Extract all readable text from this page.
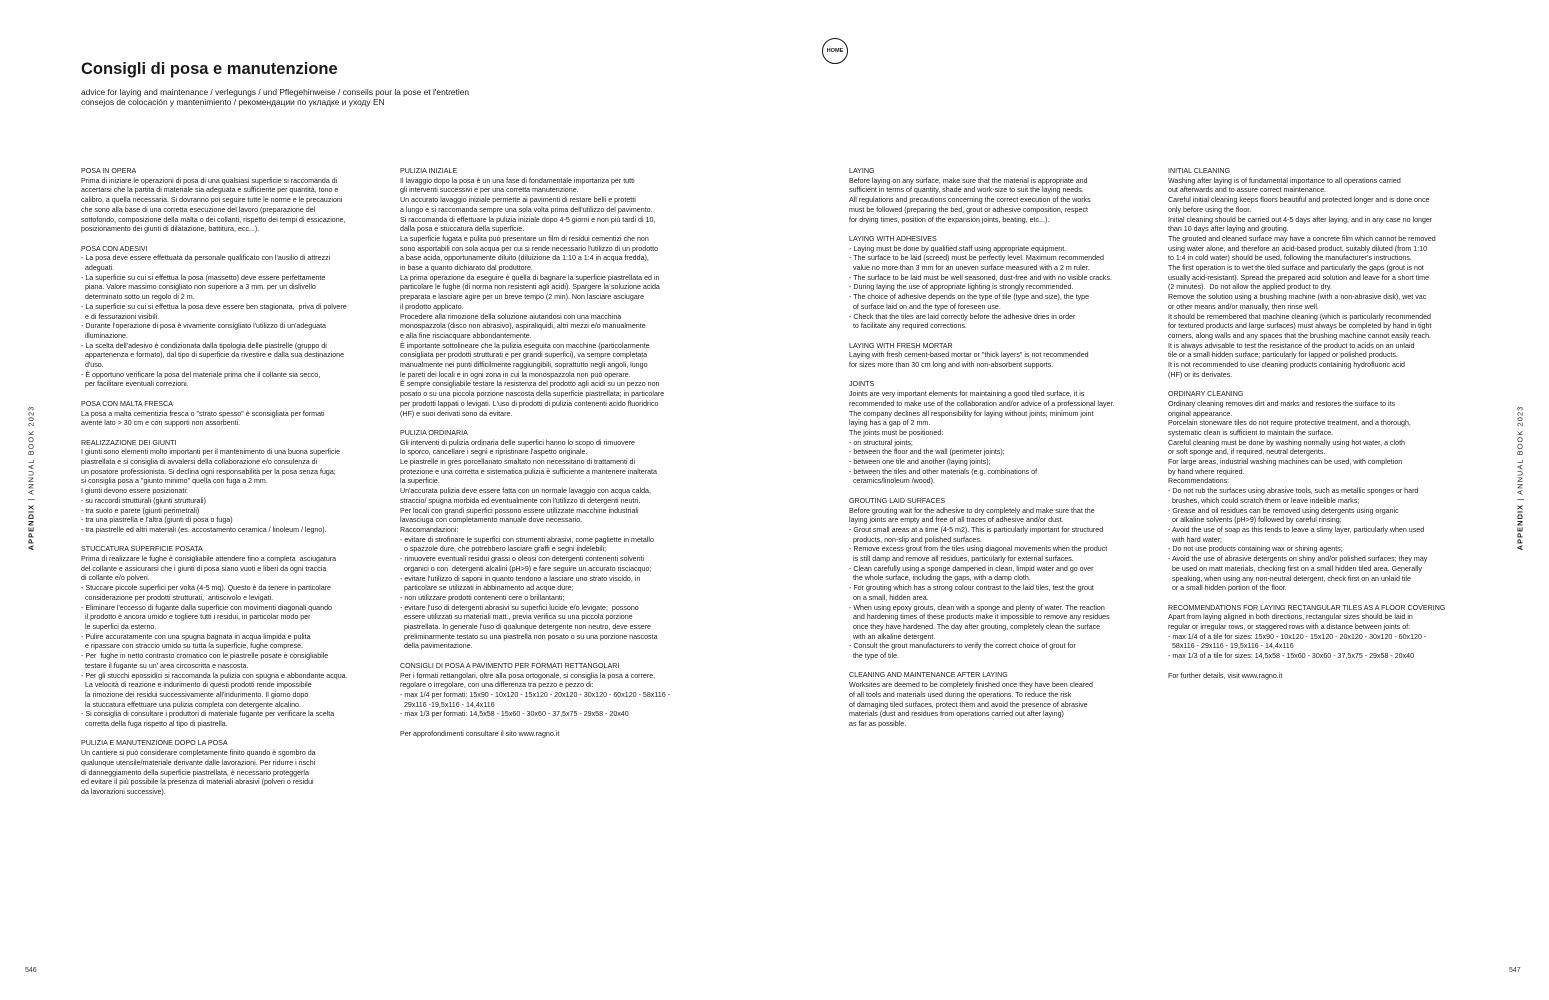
Consigli di posa e manutenzione
advice for laying and maintenance / verlegungs / und Pflegehinweise / conseils pour la pose et l'entretien
consejos de colocación y mantenimiento / рекомендации по укладке и уходу EN
HOME
POSA IN OPERA
Prima di iniziare le operazioni di posa di una qualsiasi superficie si raccomanda di
accertarsi che la partita di materiale sia adeguata e sufficiente per quantità, tono e
calibro, a quella necessaria. Si dovranno poi seguire tutte le norme e le precauzioni
che sono alla base di una corretta esecuzione del lavoro (preparazione del
sottofondo, composizione della malta o dei collanti, rispetto dei tempi di essicazione,
posizionamento dei giunti di dilatazione, battitura, ecc...).
POSA CON ADESIVI
- La posa deve essere effettuata da personale qualificato con l'ausilio di attrezzi
adeguati.
- La superficie su cui si effettua la posa (massetto) deve essere perfettamente
piana. Valore massimo consigliato non superiore a 3 mm. per un dislivello
determinato sotto un regolo di 2 m.
- La superficie su cui si effettua la posa deve essere ben stagionata,  priva di polvere
e di fessurazioni visibili.
- Durante l'operazione di posa è vivamente consigliato l'utilizzo di un'adeguata
illuminazione.
- La scelta dell'adesivo è condizionata dalla tipologia delle piastrelle (gruppo di
appartenenza e formato), dal tipo di superficie da rivestire e dalla sua destinazione
d'uso.
- È opportuno verificare la posa del materiale prima che il collante sia secco,
per facilitare eventuali correzioni.
POSA CON MALTA FRESCA
La posa a malta cementizia fresca o "strato spesso" è sconsigliata per formati
avente lato > 30 cm e con supporti non assorbenti.
REALIZZAZIONE DEI GIUNTI
I giunti sono elementi molto importanti per il mantenimento di una buona superficie
piastrellata e si consiglia di avvalersi della collaborazione e/o consulenza di
un posatore professionista. Si declina ogni responsabilità per la posa senza fuga;
si consiglia posa a "giunto minimo" quella con fuga a 2 mm.
I giunti devono essere posizionati:
- su raccordi strutturali (giunti strutturali)
- tra suolo e parete (giunti perimetrali)
- tra una piastrella e l'altra (giunti di posa o fuga)
- tra piastrelle ed altri materiali (es. accostamento ceramica / linoleum / legno).
STUCCATURA SUPERFICIE POSATA
Prima di realizzare le fughe è consigliabile attendere fino a completa  asciugatura
del collante e assicurarsi che i giunti di posa siano vuoti e liberi da ogni traccia
di collante e/o polveri.
- Stuccare piccole superfici per volta (4-5 mq). Questo è da tenere in particolare
considerazione per prodotti strutturati,  antiscivolo e levigati.
- Eliminare l'eccesso di fugante dalla superficie con movimenti diagonali quando
il prodotto è ancora umido e togliere tutti i residui, in particolar modo per
le superfici da esterno.
- Pulire accuratamente con una spugna bagnata in acqua limpida e pulita
e ripassare con straccio umido su tutta la superficie, fughe comprese.
- Per  fughe in netto contrasto cromatico con le piastrelle posate è consigliabile
testare il fugante su un' area circoscritta e nascosta.
- Per gli stucchi epossidici si raccomanda la pulizia con spugna e abbondante acqua.
La velocità di reazione e indurimento di questi prodotti rende impossibile
la rimozione dei residui successivamente all'indurimento. Il giorno dopo
la stuccatura effettuare una pulizia completa con detergente alcalino.
- Si consiglia di consultare i produttori di materiale fugante per verificare la scelta
corretta della fuga rispetto al tipo di piastrella.
PULIZIA E MANUTENZIONE DOPO LA POSA
Un cantiere si può considerare completamente finito quando è sgombro da
qualunque utensile/materiale derivante dalle lavorazioni. Per ridurre i rischi
di danneggiamento della superficie piastrellata, è necessario proteggerla
ed evitare il più possibile la presenza di materiali abrasivi (polveri o residui
da lavorazioni successive).
PULIZIA INIZIALE
Il lavaggio dopo la posa è un una fase di fondamentale importanza per tutti
gli interventi successivi e per una corretta manutenzione.
Un accurato lavaggio iniziale permette ai pavimenti di restare belli e protetti
a lungo e si raccomanda sempre una sola volta prima dell'utilizzo del pavimento.
Si raccomanda di effettuare la pulizia iniziale dopo 4-5 giorni e non più tardi di 10,
dalla posa e stuccatura della superficie.
La superficie fugata e pulita può presentare un film di residui cementizi che non
sono asportabili con sola acqua per cui si rende necessario l'utilizzo di un prodotto
a base acida, opportunamente diluito (diluizione da 1:10 a 1:4 in acqua fredda),
in base a quanto dichiarato dal produttore.
La prima operazione da eseguire è quella di bagnare la superficie piastrellata ed in
particolare le fughe (di norma non resistenti agli acidi). Spargere la soluzione acida
preparata e lasciare agire per un breve tempo (2 min). Non lasciare asciugare
il prodotto applicato.
Procedere alla rimozione della soluzione aiutandosi con una macchina
monospazzola (disco non abrasivo), aspiraliquidi, altri mezzi e/o manualmente
e alla fine risciacquare abbondantemente.
È importante sottolineare che la pulizia eseguita con macchine (particolarmente
consigliata per prodotti strutturati e per grandi superfici), va sempre completata
manualmente nei punti difficilmente raggiungibili, soprattutto negli angoli, lungo
le pareti dei locali e in ogni zona in cui la monospazzola non può operare.
È sempre consigliabile testare la resistenza del prodotto agli acidi su un pezzo non
posato o su una piccola porzione nascosta della superficie piastrellata; in particolare
per prodotti lappati o levigati. L'uso di prodotti di pulizia contenenti acido fluoridrico
(HF) e suoi derivati sono da evitare.
PULIZIA ORDINARIA
Gli interventi di pulizia ordinaria delle superfici hanno lo scopo di rimuovere
lo sporco, cancellare i segni e ripristinare l'aspetto originale.
Le piastrelle in gres porcellanato smaltato non necessitano di trattamenti di
protezione e una corretta e sistematica pulizia è sufficiente a mantenere inalterata
la superficie.
Un'accurata pulizia deve essere fatta con un normale lavaggio con acqua calda,
straccio/ spugna morbida ed eventualmente con l'utilizzo di detergenti neutri.
Per locali con grandi superfici possono essere utilizzate macchine industriali
lavasciuga con completamento manuale dove necessario.
Raccomandazioni:
- evitare di strofinare le superfici con strumenti abrasivi, come pagliette in metallo
o spazzole dure, che potrebbero lasciare graffi e segni indelebili;
- rimuovere eventuali residui grassi o oleosi con detergenti contenenti solventi
organici o con  detergenti alcalini (pH>9) e fare seguire un accurato risciacquo;
- evitare l'utilizzo di saponi in quanto tendono a lasciare uno strato viscido, in
particolare se utilizzati in abbinamento ad acque dure;
- non utilizzare prodotti contenenti cere o brillantanti;
- evitare l'uso di detergenti abrasivi su superfici lucide e/o levigate;  possono
essere utilizzati su materiali matt., previa verifica su una piccola porzione
piastrellata. In generale l'uso di qualunque detergente non neutro, deve essere
preliminarmente testato su una piastrella non posato o su una porzione nascosta
della pavimentazione.
CONSIGLI DI POSA A PAVIMENTO PER FORMATI RETTANGOLARI
Per i formati rettangolari, oltre alla posa ortogonale, si consiglia la posa a correre,
regolare o irregolare, con una differenza tra pezzo e pezzo di:
- max 1/4 per formati: 15x90 - 10x120 - 15x120 - 20x120 - 30x120 - 60x120 - 58x116 -
29x116 -19,5x116 - 14,4x116
- max 1/3 per formati: 14,5x58 - 15x60 - 30x60 - 37,5x75 - 29x58 - 20x40
Per approfondimenti consultare il sito www.ragno.it
LAYING
Before laying on any surface, make sure that the material is appropriate and
sufficient in terms of quantity, shade and work-size to suit the laying needs.
All regulations and precautions concerning the correct execution of the works
must be followed (preparing the bed, grout or adhesive composition, respect
for drying times, position of the expansion joints, beating, etc...).
LAYING WITH ADHESIVES
- Laying must be done by qualified staff using appropriate equipment.
- The surface to be laid (screed) must be perfectly level. Maximum recommended
value no more than 3 mm for an uneven surface measured with a 2 m ruler.
- The surface to be laid must be well seasoned, dust-free and with no visible cracks.
- During laying the use of appropriate lighting is strongly recommended.
- The choice of adhesive depends on the type of tile (type and size), the type
of surface laid on and the type of foreseen use.
- Check that the tiles are laid correctly before the adhesive dries in order
to facilitate any required corrections.
LAYING WITH FRESH MORTAR
Laying with fresh cement-based mortar or "thick layers" is not recommended
for sizes more than 30 cm long and with non-absorbent supports.
JOINTS
Joints are very important elements for maintaining a good tiled surface, it is
recommended to make use of the collaboration and/or advice of a professional layer.
The company declines all responsibility for laying without joints; minimum joint
laying has a gap of 2 mm.
The joints must be positioned:
- on structural joints;
- between the floor and the wall (perimeter joints);
- between one tile and another (laying joints);
- between the tiles and other materials (e.g. combinations of
ceramics/linoleum /wood).
GROUTING LAID SURFACES
Before grouting wait for the adhesive to dry completely and make sure that the
laying joints are empty and free of all traces of adhesive and/or dust.
- Grout small areas at a time (4-5 m2). This is particularly important for structured
products, non-slip and polished surfaces.
- Remove excess grout from the tiles using diagonal movements when the product
is still damp and remove all residues, particularly for external surfaces.
- Clean carefully using a sponge dampened in clean, limpid water and go over
the whole surface, including the gaps, with a damp cloth.
- For grouting which has a strong colour contrast to the laid tiles, test the grout
on a small, hidden area.
- When using epoxy grouts, clean with a sponge and plenty of water. The reaction
and hardening times of these products make it impossible to remove any residues
once they have hardened. The day after grouting, completely clean the surface
with an alkaline detergent.
- Consult the grout manufacturers to verify the correct choice of grout for
the type of tile.
CLEANING AND MAINTENANCE AFTER LAYING
Worksites are deemed to be completely finished once they have been cleared
of all tools and materials used during the operations. To reduce the risk
of damaging tiled surfaces, protect them and avoid the presence of abrasive
materials (dust and residues from operations carried out after laying)
as far as possible.
INITIAL CLEANING
Washing after laying is of fundamental importance to all operations carried
out afterwards and to assure correct maintenance.
Careful initial cleaning keeps floors beautiful and protected longer and is done once
only before using the floor.
Initial cleaning should be carried out 4-5 days after laying, and in any case no longer
than 10 days after laying and grouting.
The grouted and cleaned surface may have a concrete film which cannot be removed
using water alone, and therefore an acid-based product, suitably diluted (from 1:10
to 1:4 in cold water) should be used, following the manufacturer's instructions.
The first operation is to wet the tiled surface and particularly the gaps (grout is not
usually acid-resistant). Spread the prepared acid solution and leave for a short time
(2 minutes).  Do not allow the applied product to dry.
Remove the solution using a brushing machine (with a non-abrasive disk), wet vac
or other means and/or manually, then rinse well.
It should be remembered that machine cleaning (which is particularly recommended
for textured products and large surfaces) must always be completed by hand in tight
corners, along walls and any spaces that the brushing machine cannot easily reach.
It is always advisable to test the resistance of the product to acids on an unlaid
tile or a small hidden surface; particularly for lapped or polished products.
It is not recommended to use cleaning products containing hydrofluoric acid
(HF) or its derivates.
ORDINARY CLEANING
Ordinary cleaning removes dirt and marks and restores the surface to its
original appearance.
Porcelain stoneware tiles do not require protective treatment, and a thorough,
systematic clean is sufficient to maintain the surface.
Careful cleaning must be done by washing normally using hot water, a cloth
or soft sponge and, if required, neutral detergents.
For large areas, industrial washing machines can be used, with completion
by hand where required.
Recommendations:
- Do not rub the surfaces using abrasive tools, such as metallic sponges or hard
brushes, which could scratch them or leave indelible marks;
- Grease and oil residues can be removed using detergents using organic
or alkaline solvents (pH>9) followed by careful rinsing;
- Avoid the use of soap as this tends to leave a slimy layer, particularly when used
with hard water;
- Do not use products containing wax or shining agents;
- Avoid the use of abrasive detergents on shiny and/or polished surfaces; they may
be used on matt materials, checking first on a small hidden tiled area. Generally
speaking, when using any non-neutral detergent, check first on an unlaid tile
or a small hidden portion of the floor.
RECOMMENDATIONS FOR LAYING RECTANGULAR TILES AS A FLOOR COVERING
Apart from laying aligned in both directions, rectangular sizes should be laid in
regular or irregular rows, or staggered rows with a distance between joints of:
- max 1/4 of a tile for sizes: 15x90 - 10x120 - 15x120 - 20x120 - 30x120 - 60x120 -
58x116 - 29x116 - 19,5x116 - 14,4x116
- max 1/3 of a tile for sizes: 14,5x58 - 15x60 - 30x60 - 37,5x75 - 29x58 - 20x40
For further details, visit www.ragno.it
APPENDIX | ANNUAL BOOK 2023
APPENDIX | ANNUAL BOOK 2023
546	547
